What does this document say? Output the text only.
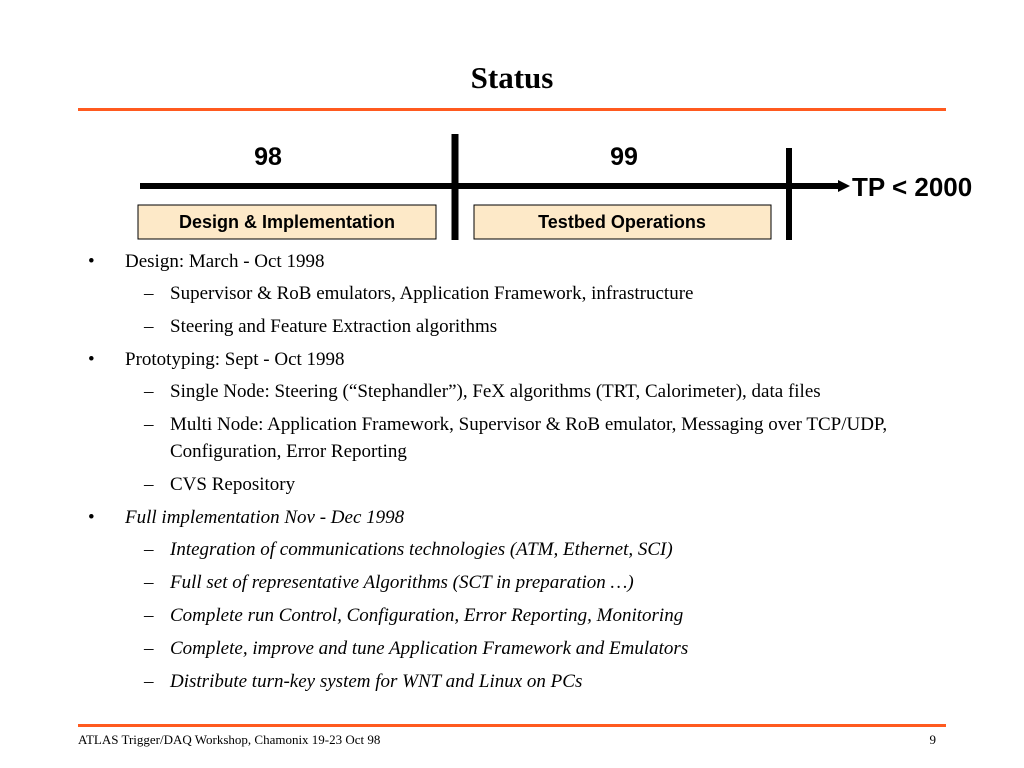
Status
98	99
TP < 2000
Design & Implementation	Testbed Operations
• Design: March - Oct 1998
– Supervisor & RoB emulators, Application Framework, infrastructure
– Steering and Feature Extraction algorithms
• Prototyping: Sept - Oct 1998
– Single Node: Steering (“Stephandler”), FeX algorithms (TRT, Calorimeter), data files
– Multi Node: Application Framework, Supervisor & RoB emulator, Messaging over TCP/UDP, Configuration, Error Reporting
– CVS Repository
• Full implementation Nov - Dec 1998
– Integration of communications technologies (ATM, Ethernet, SCI)
– Full set of representative Algorithms (SCT in preparation …)
– Complete run Control, Configuration, Error Reporting, Monitoring
– Complete, improve and tune Application Framework and Emulators
– Distribute turn-key system for WNT and Linux on PCs
ATLAS Trigger/DAQ Workshop, Chamonix 19-23 Oct 98	9
